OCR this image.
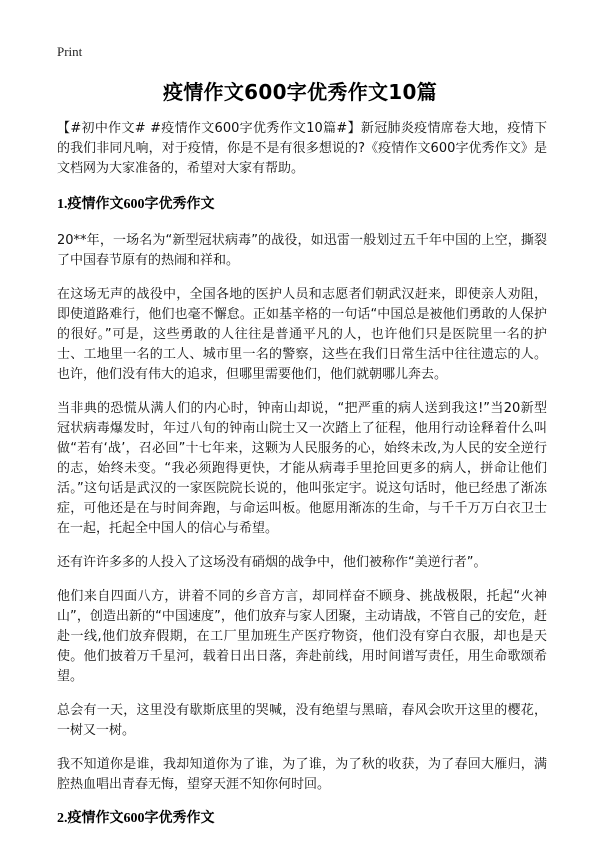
Print
疫情作文600字优秀作文10篇

【#初中作文# #疫情作文600字优秀作文10篇#】新冠肺炎疫情席卷大地，疫情下的我们非同凡响，对于疫情，你是不是有很多想说的?《疫情作文600字优秀作文》是文档网为大家准备的，希望对大家有帮助。

1.疫情作文600字优秀作文

20**年，一场名为“新型冠状病毒”的战役，如迅雷一般划过五千年中国的上空，撕裂了中国春节原有的热闹和祥和。

在这场无声的战役中，全国各地的医护人员和志愿者们朝武汉赶来，即使亲人劝阻，即使道路难行，他们也毫不懈怠。正如基辛格的一句话“中国总是被他们勇敢的人保护的很好。”可是，这些勇敢的人往往是普通平凡的人，也许他们只是医院里一名的护士、工地里一名的工人、城市里一名的警察，这些在我们日常生活中往往遗忘的人。也许，他们没有伟大的追求，但哪里需要他们，他们就朝哪儿奔去。

当非典的恐慌从满人们的内心时，钟南山却说，“把严重的病人送到我这!”当20新型冠状病毒爆发时，年过八旬的钟南山院士又一次踏上了征程，他用行动诠释着什么叫做“若有‘战’，召必回”十七年来，这颗为人民服务的心，始终未改,为人民的安全逆行的志，始终未变。“我必须跑得更快，才能从病毒手里抢回更多的病人，拼命让他们活。”这句话是武汉的一家医院院长说的，他叫张定宇。说这句话时，他已经患了渐冻症，可他还是在与时间奔跑，与命运叫板。他愿用渐冻的生命，与千千万万白衣卫士在一起，托起全中国人的信心与希望。

还有许许多多的人投入了这场没有硝烟的战争中，他们被称作“美逆行者”。

他们来自四面八方，讲着不同的乡音方言，却同样奋不顾身、挑战极限，托起“火神山”，创造出新的“中国速度”，他们放弃与家人团聚，主动请战，不管自己的安危，赶赴一线,他们放弃假期，在工厂里加班生产医疗物资，他们没有穿白衣服，却也是天使。他们披着万千星河，载着日出日落，奔赴前线，用时间谱写责任，用生命歌颂希望。

总会有一天，这里没有歇斯底里的哭喊，没有绝望与黑暗，春风会吹开这里的樱花，一树又一树。

我不知道你是谁，我却知道你为了谁，为了谁，为了秋的收获，为了春回大雁归，满腔热血唱出青春无悔，望穿天涯不知你何时回。

2.疫情作文600字优秀作文
